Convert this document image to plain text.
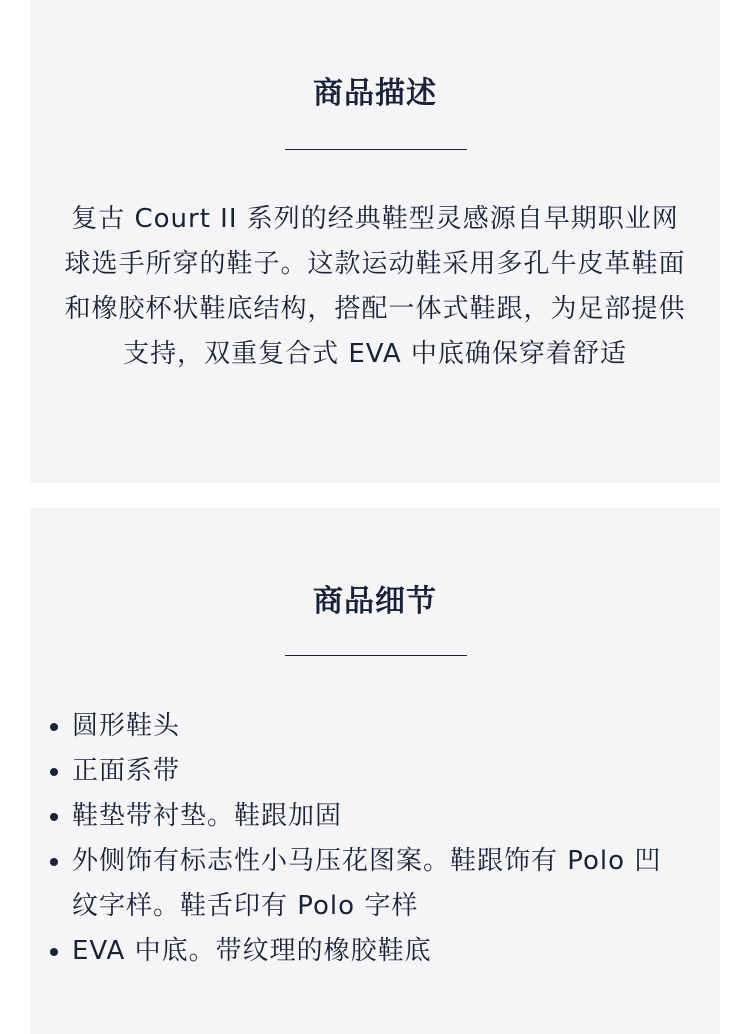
商品描述
复古 Court II 系列的经典鞋型灵感源自早期职业网球选手所穿的鞋子。这款运动鞋采用多孔牛皮革鞋面和橡胶杯状鞋底结构，搭配一体式鞋跟，为足部提供支持，双重复合式 EVA 中底确保穿着舒适
商品细节
圆形鞋头
正面系带
鞋垫带衬垫。鞋跟加固
外侧饰有标志性小马压花图案。鞋跟饰有 Polo 凹纹字样。鞋舌印有 Polo 字样
EVA 中底。带纹理的橡胶鞋底
